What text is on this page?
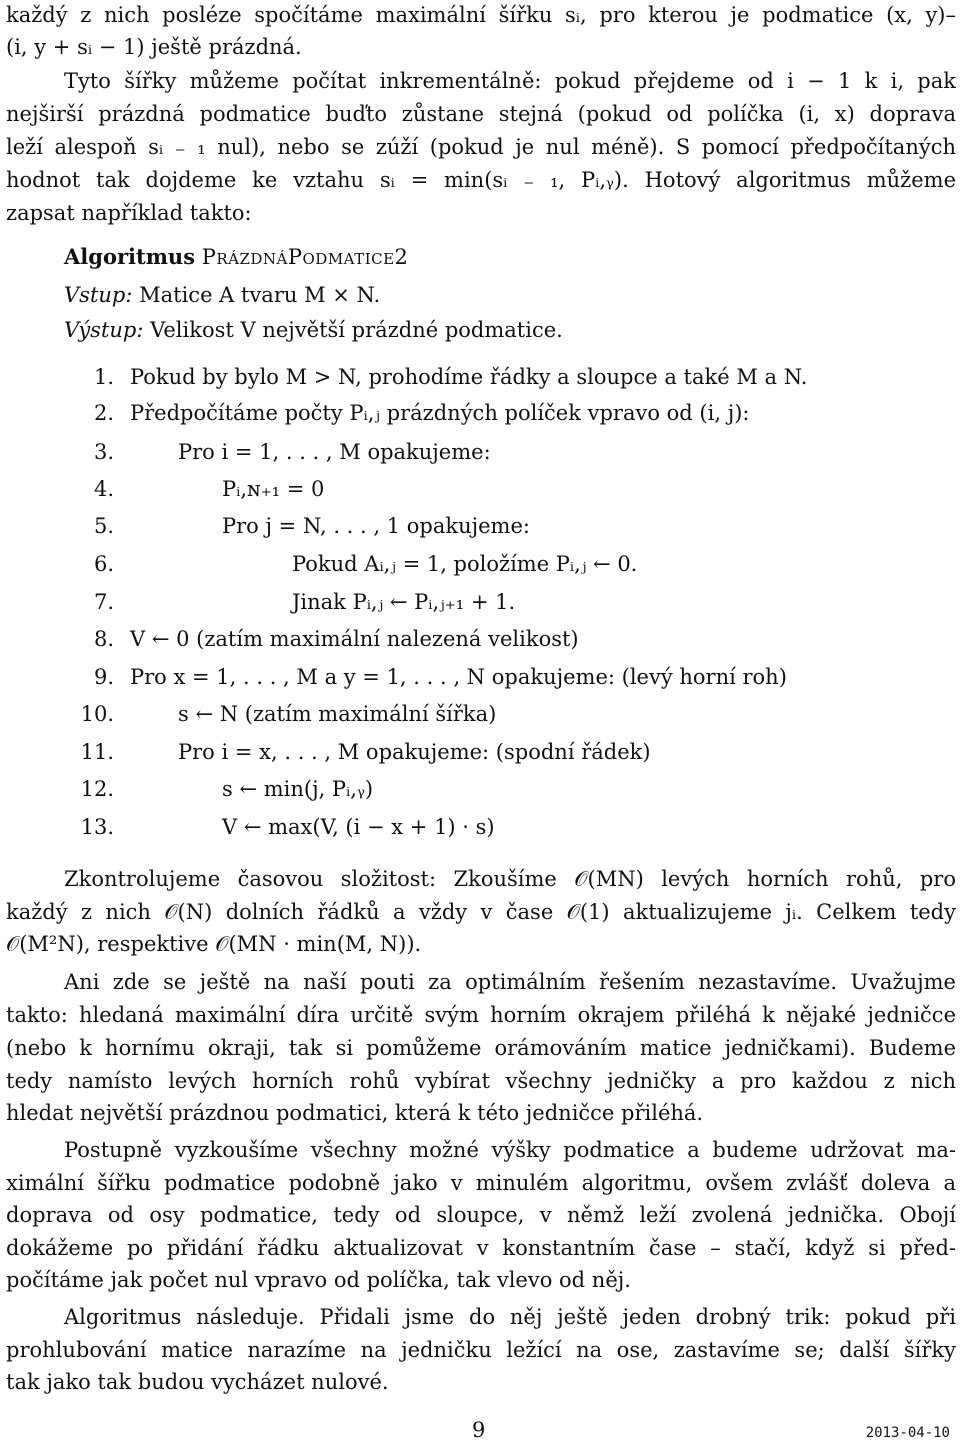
každý z nich posléze spočítáme maximální šířku sᵢ, pro kterou je podmatice (x, y)–
(i, y + sᵢ − 1) ještě prázdná.
Tyto šířky můžeme počítat inkrementálně: pokud přejdeme od i − 1 k i, pak
nejširší prázdná podmatice buďto zůstane stejná (pokud od políčka (i, x) doprava
leží alespoň sᵢ ₋ ₁ nul), nebo se zúží (pokud je nul méně). S pomocí předpočítaných
hodnot tak dojdeme ke vztahu sᵢ = min(sᵢ ₋ ₁, Pᵢ,ᵧ). Hotový algoritmus můžeme
zapsat například takto:
Algoritmus PrázdnáPodmatice2
Vstup: Matice A tvaru M × N.
Výstup: Velikost V největší prázdné podmatice.
1. Pokud by bylo M > N, prohodíme řádky a sloupce a také M a N.
2. Předpočítáme počty Pᵢ,ⱼ prázdných políček vpravo od (i, j):
3.	Pro i = 1, . . . , M opakujeme:
4.	Pᵢ,ɴ₊₁ = 0
5.	Pro j = N, . . . , 1 opakujeme:
6.	Pokud Aᵢ,ⱼ = 1, položíme Pᵢ,ⱼ ← 0.
7.	Jinak Pᵢ,ⱼ ← Pᵢ,ⱼ₊₁ + 1.
8. V ← 0 (zatím maximální nalezená velikost)
9. Pro x = 1, . . . , M a y = 1, . . . , N opakujeme: (levý horní roh)
10.	s ← N (zatím maximální šířka)
11.	Pro i = x, . . . , M opakujeme: (spodní řádek)
12.	s ← min(j, Pᵢ,ᵧ)
13.	V ← max(V, (i − x + 1) · s)
Zkontrolujeme časovou složitost: Zkoušíme 𝒪(MN) levých horních rohů, pro
každý z nich 𝒪(N) dolních řádků a vždy v čase 𝒪(1) aktualizujeme jᵢ. Celkem tedy
𝒪(M²N), respektive 𝒪(MN · min(M, N)).
Ani zde se ještě na naší pouti za optimálním řešením nezastavíme. Uvažujme
takto: hledaná maximální díra určitě svým horním okrajem přiléhá k nějaké jedničce
(nebo k hornímu okraji, tak si pomůžeme orámováním matice jedničkami). Budeme
tedy namísto levých horních rohů vybírat všechny jedničky a pro každou z nich
hledat největší prázdnou podmatici, která k této jedničce přiléhá.
Postupně vyzkoušíme všechny možné výšky podmatice a budeme udržovat ma-
ximální šířku podmatice podobně jako v minulém algoritmu, ovšem zvlášť doleva a
doprava od osy podmatice, tedy od sloupce, v němž leží zvolená jednička. Obojí
dokážeme po přidání řádku aktualizovat v konstantním čase – stačí, když si před-
počítáme jak počet nul vpravo od políčka, tak vlevo od něj.
Algoritmus následuje. Přidali jsme do něj ještě jeden drobný trik: pokud při
prohlubování matice narazíme na jedničku ležící na ose, zastavíme se; další šířky
tak jako tak budou vycházet nulové.
9	2013-04-10
